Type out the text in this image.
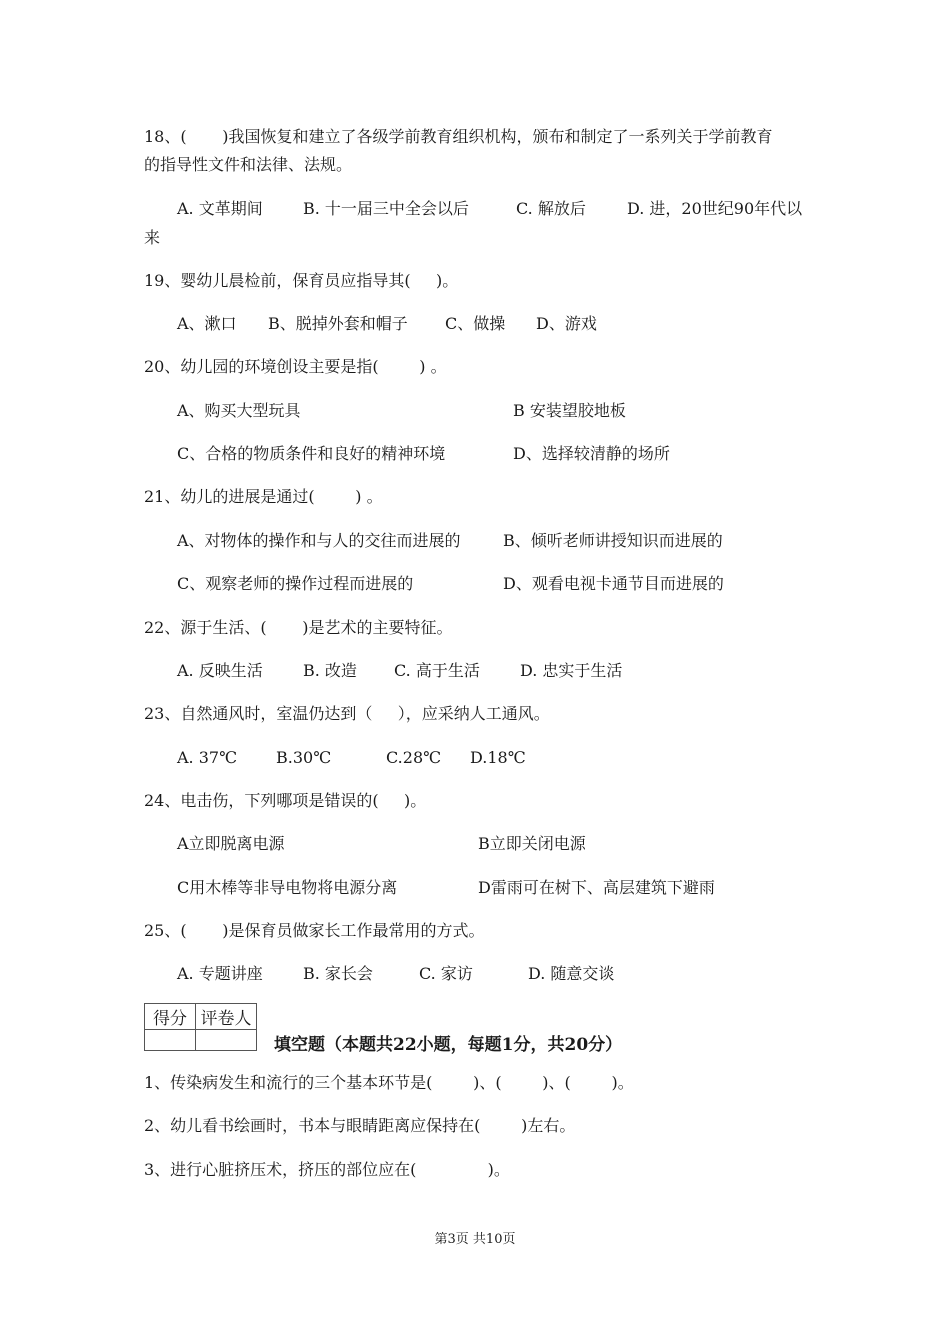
18、(       )我国恢复和建立了各级学前教育组织机构，颁布和制定了一系列关于学前教育
的指导性文件和法律、法规。
A. 文革期间	B. 十一届三中全会以后	C. 解放后	D. 进，20世纪90年代以
来
19、婴幼儿晨检前，保育员应指导其(     )。
A、漱口 B、脱掉外套和帽子 C、做操 D、游戏
20、幼儿园的环境创设主要是指(        ) 。
A、购买大型玩具	B 安装望胶地板
C、合格的物质条件和良好的精神环境	D、选择较清静的场所
21、幼儿的进展是通过(        ) 。
A、对物体的操作和与人的交往而进展的	B、倾听老师讲授知识而进展的
C、观察老师的操作过程而进展的	D、观看电视卡通节目而进展的
22、源于生活、(       )是艺术的主要特征。
A. 反映生活	B. 改造 C. 高于生活	D. 忠实于生活
23、自然通风时，室温仍达到（     ），应采纳人工通风。
A. 37℃ B.30℃	C.28℃ D.18℃
24、电击伤，下列哪项是错误的(     )。
A立即脱离电源	B立即关闭电源
C用木棒等非导电物将电源分离	D雷雨可在树下、高层建筑下避雨
25、(       )是保育员做家长工作最常用的方式。
A. 专题讲座	B. 家长会	C. 家访	D. 随意交谈
得分	评卷人

填空题（本题共22小题，每题1分，共20分）
1、传染病发生和流行的三个基本环节是(        )、(        )、(        )。
2、幼儿看书绘画时，书本与眼睛距离应保持在(        )左右。
3、进行心脏挤压术，挤压的部位应在(              )。
第3页 共10页
